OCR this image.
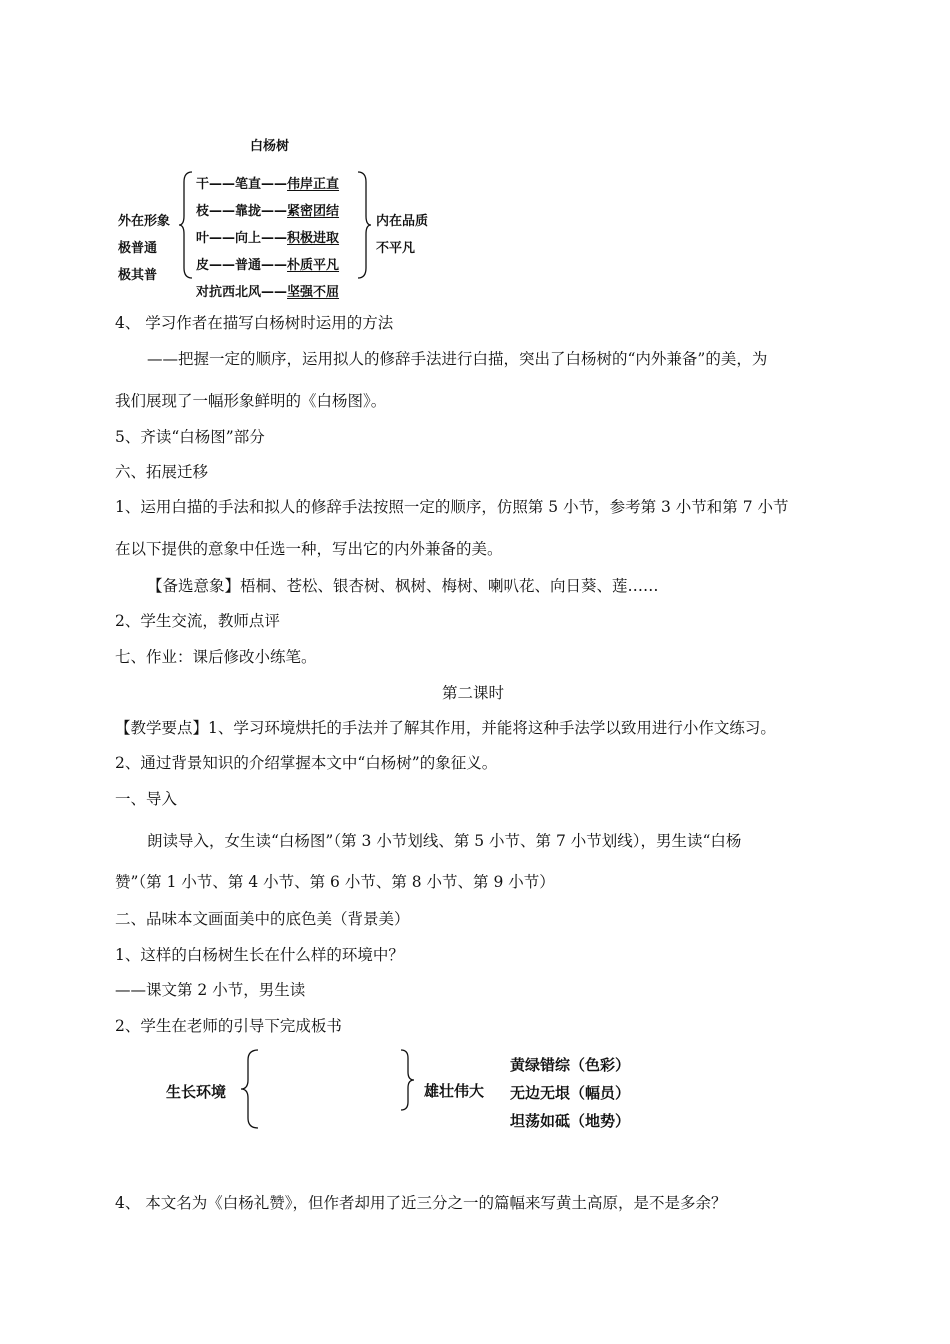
白杨树
外在形象
极普通
极其普
干——笔直——伟岸正直
枝——靠拢——紧密团结
叶——向上——积极进取
皮——普通——朴质平凡
内在品质
不平凡
对抗西北风——坚强不屈
4、 学习作者在描写白杨树时运用的方法
——把握一定的顺序，运用拟人的修辞手法进行白描，突出了白杨树的“内外兼备”的美，为
我们展现了一幅形象鲜明的《白杨图》。
5、齐读“白杨图”部分
六、拓展迁移
1、运用白描的手法和拟人的修辞手法按照一定的顺序，仿照第 5 小节，参考第 3 小节和第 7 小节
在以下提供的意象中任选一种，写出它的内外兼备的美。
【备选意象】梧桐、苍松、银杏树、枫树、梅树、喇叭花、向日葵、莲……
2、学生交流，教师点评
七、作业：课后修改小练笔。
第二课时
【教学要点】1、学习环境烘托的手法并了解其作用，并能将这种手法学以致用进行小作文练习。
2、通过背景知识的介绍掌握本文中“白杨树”的象征义。
一、导入
朗读导入，女生读“白杨图”（第 3 小节划线、第 5 小节、第 7 小节划线），男生读“白杨
赞”（第 1 小节、第 4 小节、第 6 小节、第 8 小节、第 9 小节）
二、品味本文画面美中的底色美（背景美）
1、这样的白杨树生长在什么样的环境中？
——课文第 2 小节，男生读
2、学生在老师的引导下完成板书
生长环境	雄壮伟大
黄绿错综（色彩）
无边无垠（幅员）
坦荡如砥（地势）
4、 本文名为《白杨礼赞》，但作者却用了近三分之一的篇幅来写黄土高原，是不是多余？
